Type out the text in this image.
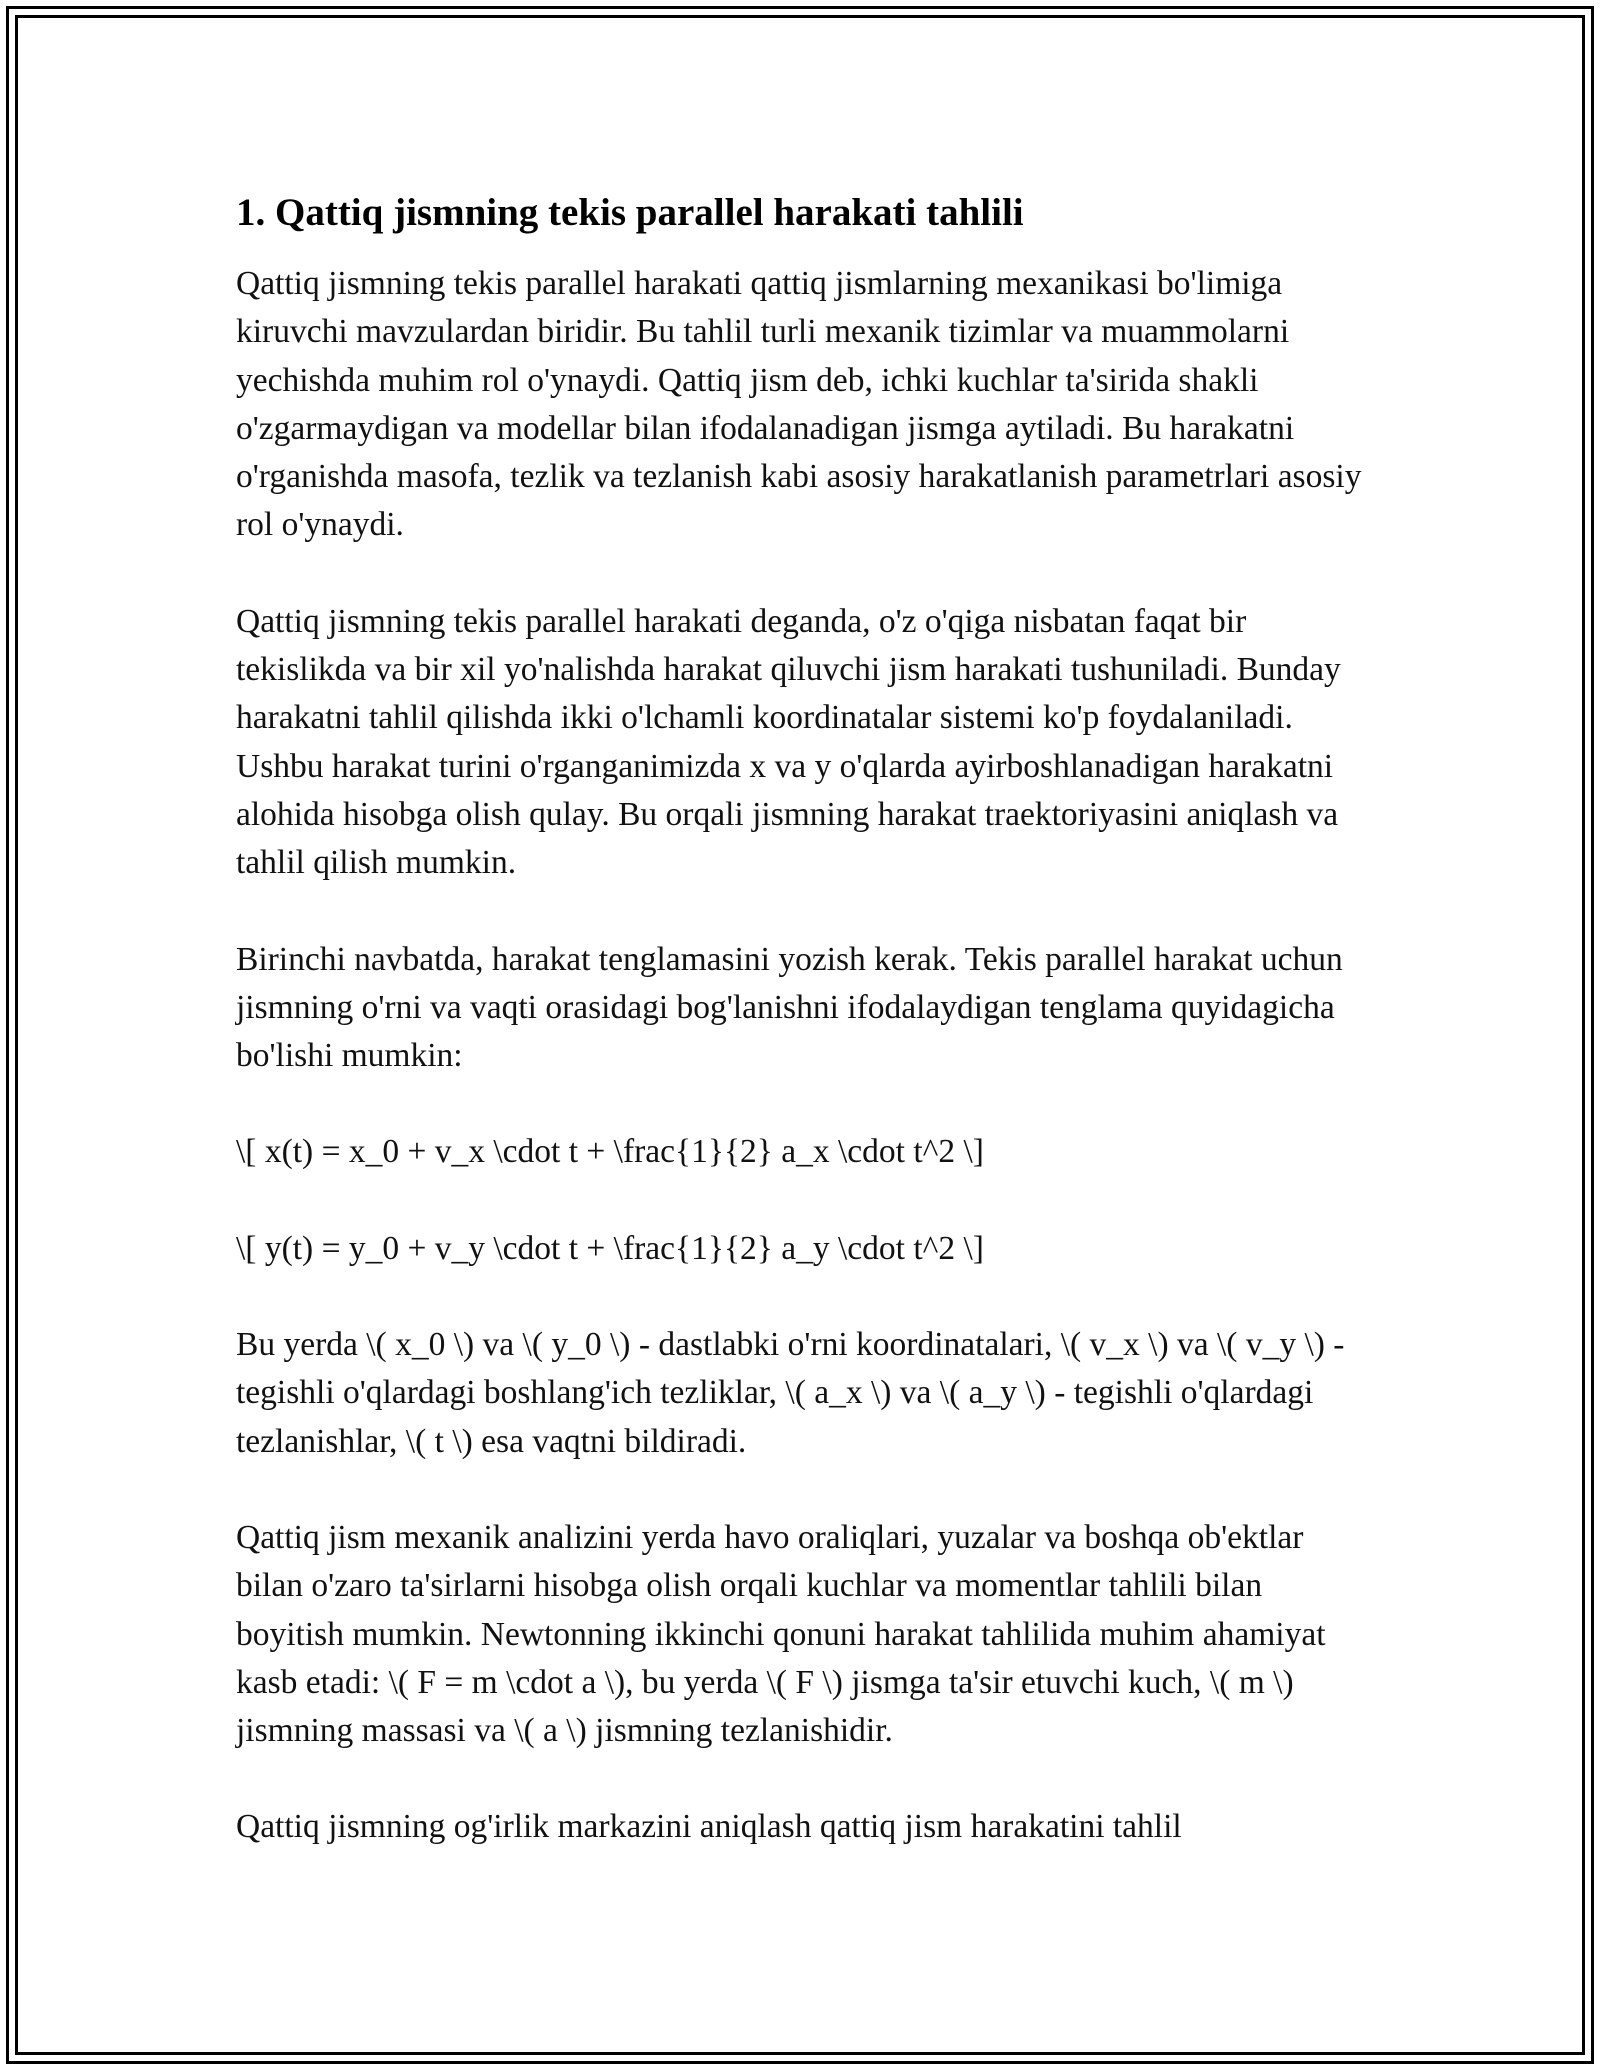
1. Qattiq jismning tekis parallel harakati tahlili

Qattiq jismning tekis parallel harakati qattiq jismlarning mexanikasi bo'limiga kiruvchi mavzulardan biridir. Bu tahlil turli mexanik tizimlar va muammolarni yechishda muhim rol o'ynaydi. Qattiq jism deb, ichki kuchlar ta'sirida shakli o'zgarmaydigan va modellar bilan ifodalanadigan jismga aytiladi. Bu harakatni o'rganishda masofa, tezlik va tezlanish kabi asosiy harakatlanish parametrlari asosiy rol o'ynaydi.

Qattiq jismning tekis parallel harakati deganda, o'z o'qiga nisbatan faqat bir tekislikda va bir xil yo'nalishda harakat qiluvchi jism harakati tushuniladi. Bunday harakatni tahlil qilishda ikki o'lchamli koordinatalar sistemi ko'p foydalaniladi. Ushbu harakat turini o'rganganimizda x va y o'qlarda ayirboshlanadigan harakatni alohida hisobga olish qulay. Bu orqali jismning harakat traektoriyasini aniqlash va tahlil qilish mumkin.

Birinchi navbatda, harakat tenglamasini yozish kerak. Tekis parallel harakat uchun jismning o'rni va vaqti orasidagi bog'lanishni ifodalaydigan tenglama quyidagicha bo'lishi mumkin:

\[ x(t) = x_0 + v_x \cdot t + \frac{1}{2} a_x \cdot t^2 \]

\[ y(t) = y_0 + v_y \cdot t + \frac{1}{2} a_y \cdot t^2 \]

Bu yerda \( x_0 \) va \( y_0 \) - dastlabki o'rni koordinatalari, \( v_x \) va \( v_y \) - tegishli o'qlardagi boshlang'ich tezliklar, \( a_x \) va \( a_y \) - tegishli o'qlardagi tezlanishlar, \( t \) esa vaqtni bildiradi.

Qattiq jism mexanik analizini yerda havo oraliqlari, yuzalar va boshqa ob'ektlar bilan o'zaro ta'sirlarni hisobga olish orqali kuchlar va momentlar tahlili bilan boyitish mumkin. Newtonning ikkinchi qonuni harakat tahlilida muhim ahamiyat kasb etadi: \( F = m \cdot a \), bu yerda \( F \) jismga ta'sir etuvchi kuch, \( m \) jismning massasi va \( a \) jismning tezlanishidir.

Qattiq jismning og'irlik markazini aniqlash qattiq jism harakatini tahlil
